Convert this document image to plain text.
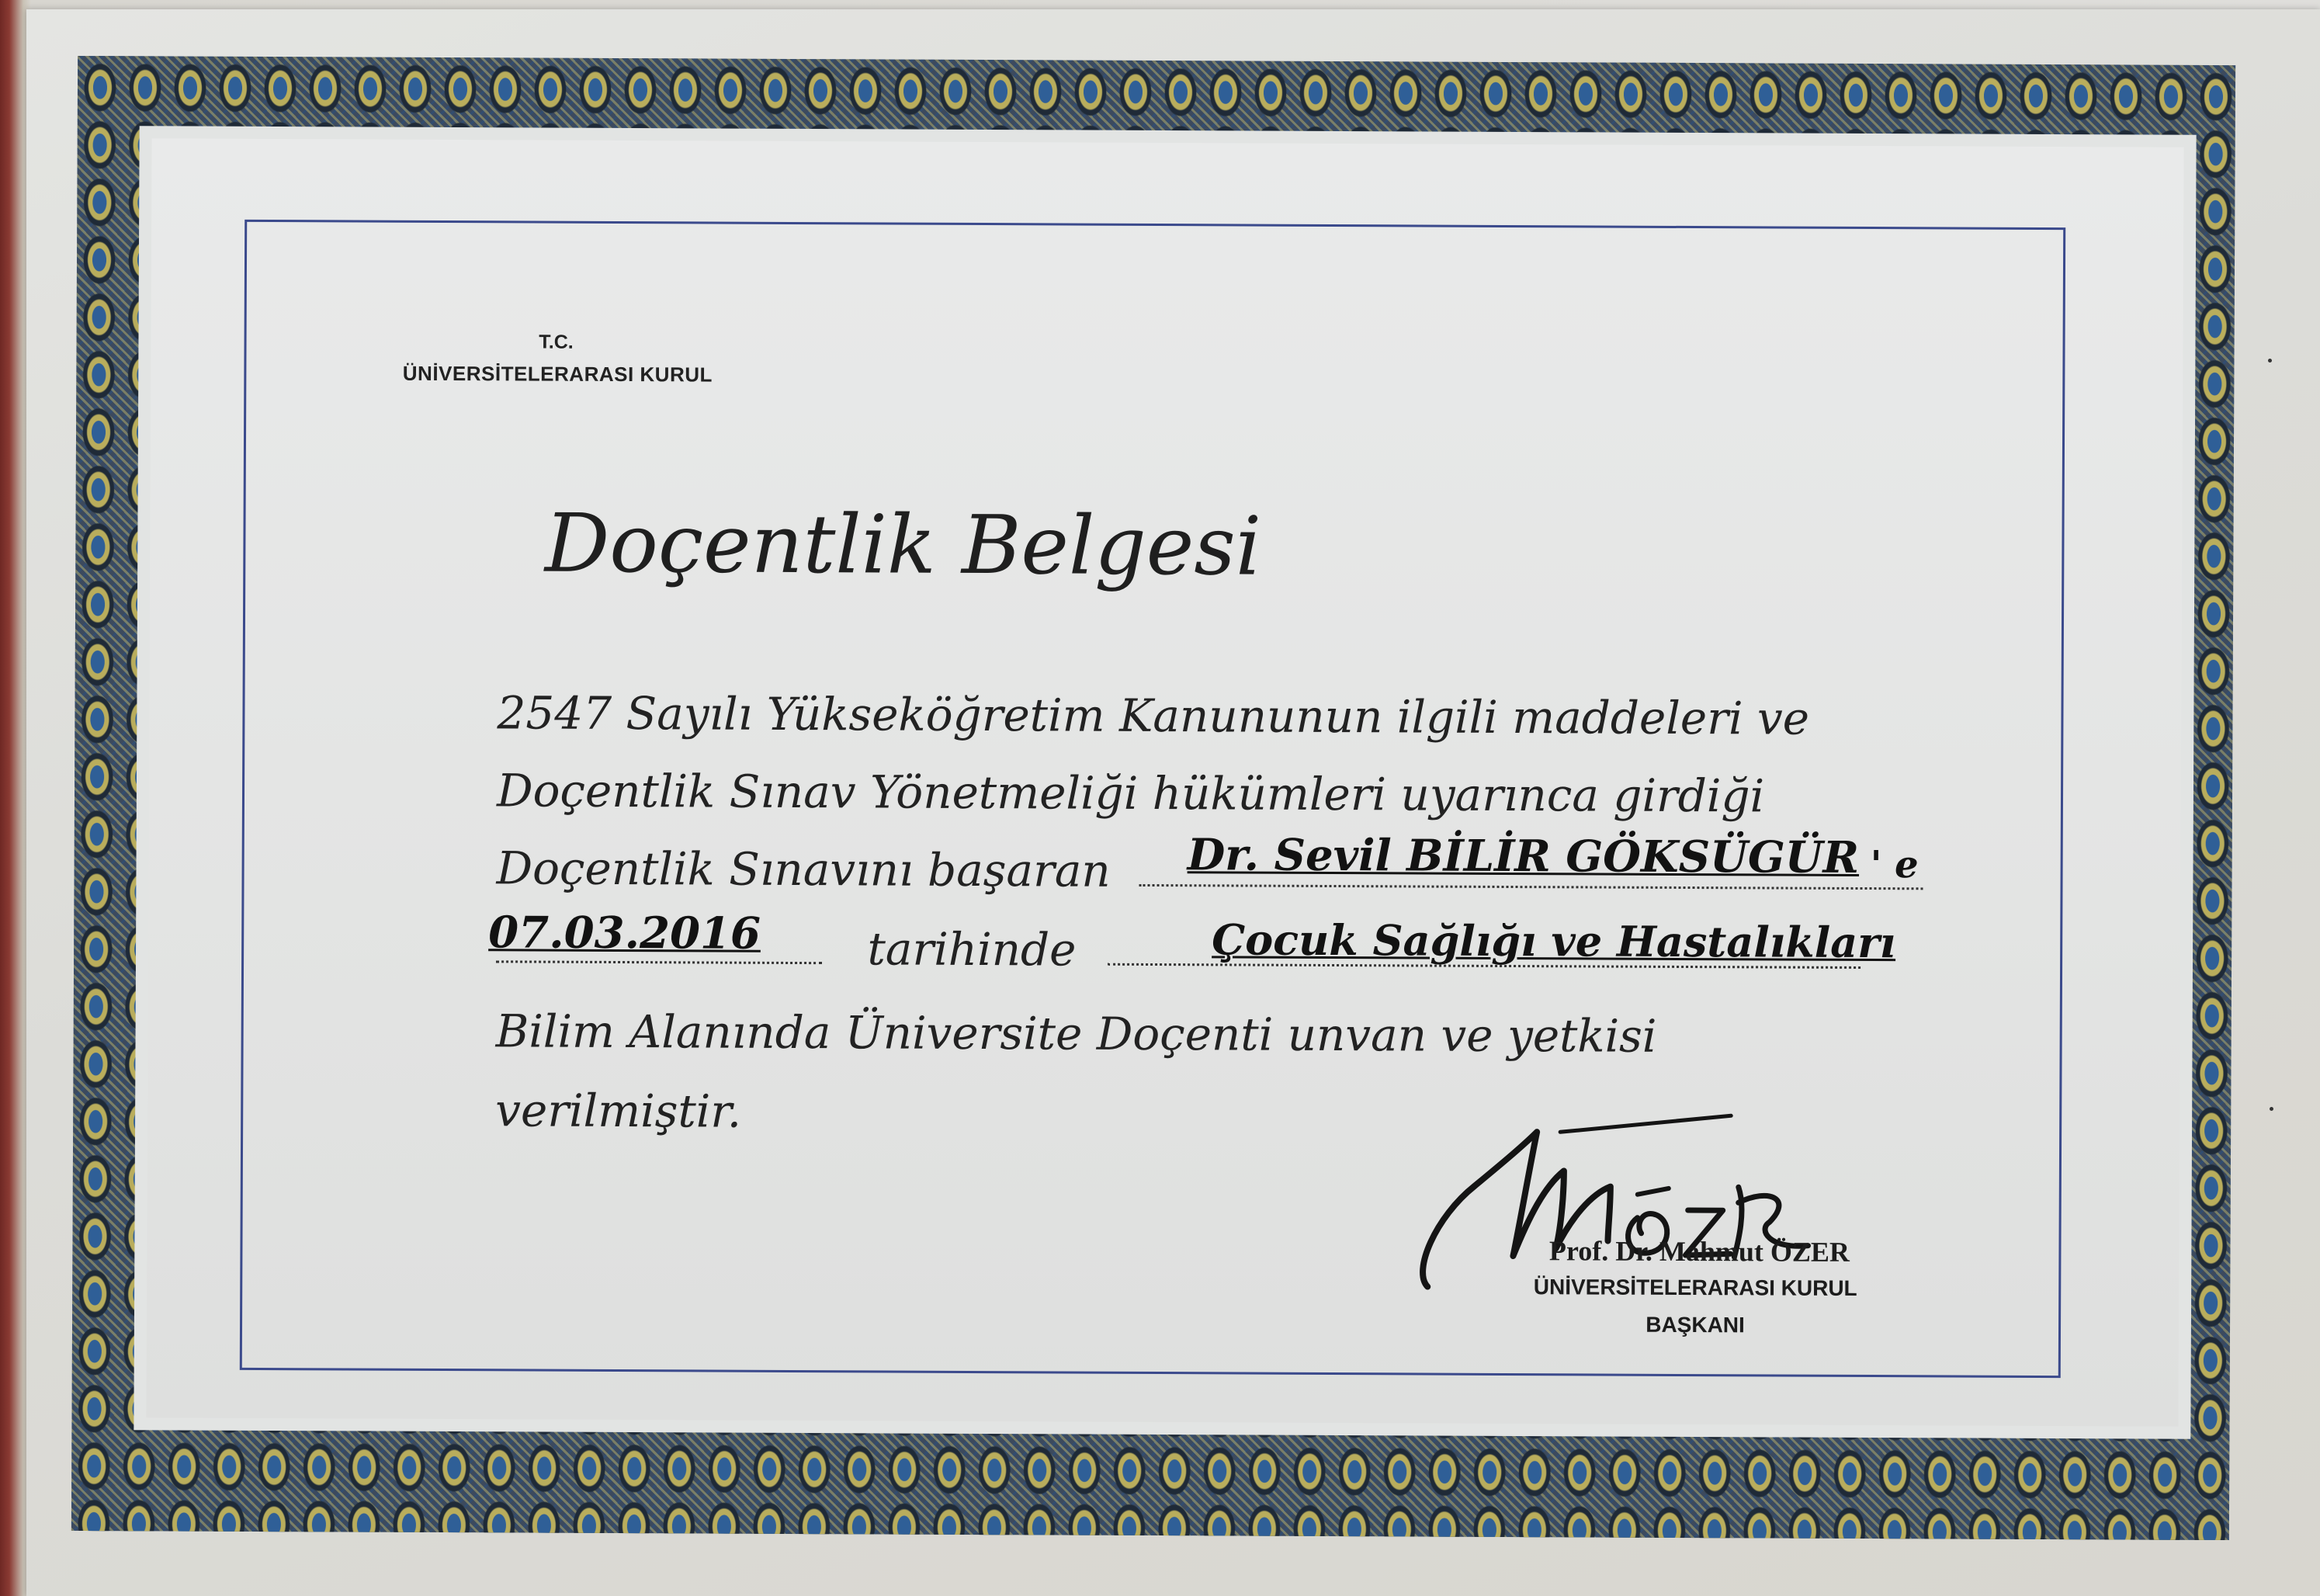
T.C.
ÜNİVERSİTELERARASI KURUL
Doçentlik Belgesi
2547 Sayılı Yükseköğretim Kanununun ilgili maddeleri ve
Doçentlik Sınav Yönetmeliği hükümleri uyarınca girdiği
Doçentlik Sınavını başaran	Dr. Sevil BİLİR GÖKSÜGÜR ' e
tarihinde
07.03.2016	Çocuk Sağlığı ve Hastalıkları
Bilim Alanında Üniversite Doçenti unvan ve yetkisi
verilmiştir.
Prof. Dr. Mahmut ÖZER
ÜNİVERSİTELERARASI KURUL
BAŞKANI
